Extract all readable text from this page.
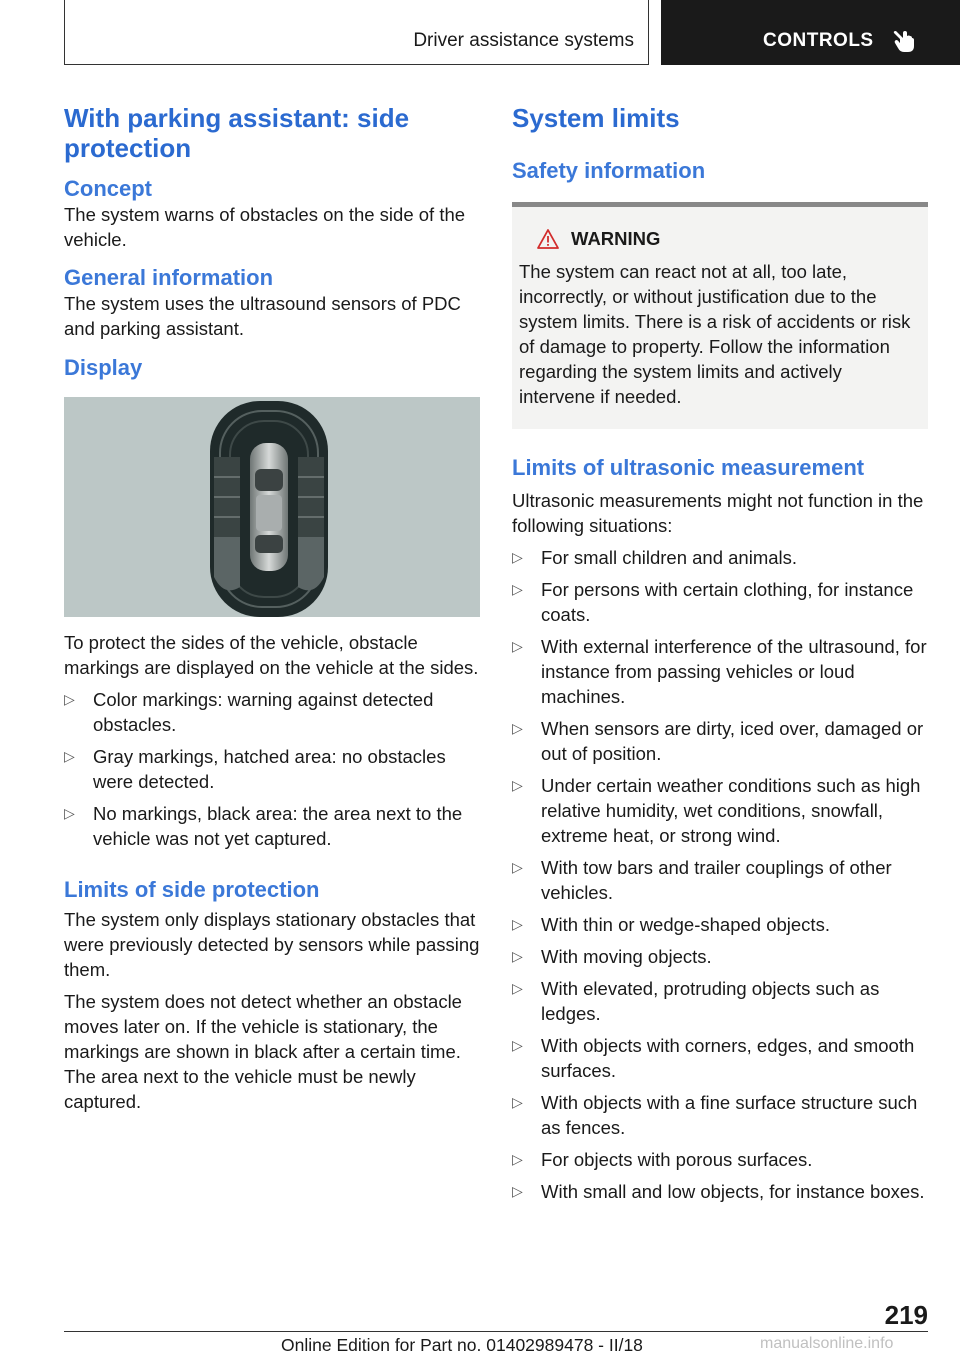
Driver assistance systems	CONTROLS
With parking assistant: side protection
Concept
The system warns of obstacles on the side of the vehicle.
General information
The system uses the ultrasound sensors of PDC and parking assistant.
Display
To protect the sides of the vehicle, obstacle markings are displayed on the vehicle at the sides.
▷ Color markings: warning against detected obstacles.
▷ Gray markings, hatched area: no obstacles were detected.
▷ No markings, black area: the area next to the vehicle was not yet captured.
Limits of side protection
The system only displays stationary obstacles that were previously detected by sensors while passing them.
The system does not detect whether an obstacle moves later on. If the vehicle is stationary, the markings are shown in black after a certain time. The area next to the vehicle must be newly captured.
System limits
Safety information
WARNING
The system can react not at all, too late, incorrectly, or without justification due to the system limits. There is a risk of accidents or risk of damage to property. Follow the information regarding the system limits and actively intervene if needed.
Limits of ultrasonic measurement
Ultrasonic measurements might not function in the following situations:
▷ For small children and animals.
▷ For persons with certain clothing, for instance coats.
▷ With external interference of the ultrasound, for instance from passing vehicles or loud machines.
▷ When sensors are dirty, iced over, damaged or out of position.
▷ Under certain weather conditions such as high relative humidity, wet conditions, snowfall, extreme heat, or strong wind.
▷ With tow bars and trailer couplings of other vehicles.
▷ With thin or wedge-shaped objects.
▷ With moving objects.
▷ With elevated, protruding objects such as ledges.
▷ With objects with corners, edges, and smooth surfaces.
▷ With objects with a fine surface structure such as fences.
▷ For objects with porous surfaces.
▷ With small and low objects, for instance boxes.
219
Online Edition for Part no. 01402989478 - II/18	manualsonline.info
